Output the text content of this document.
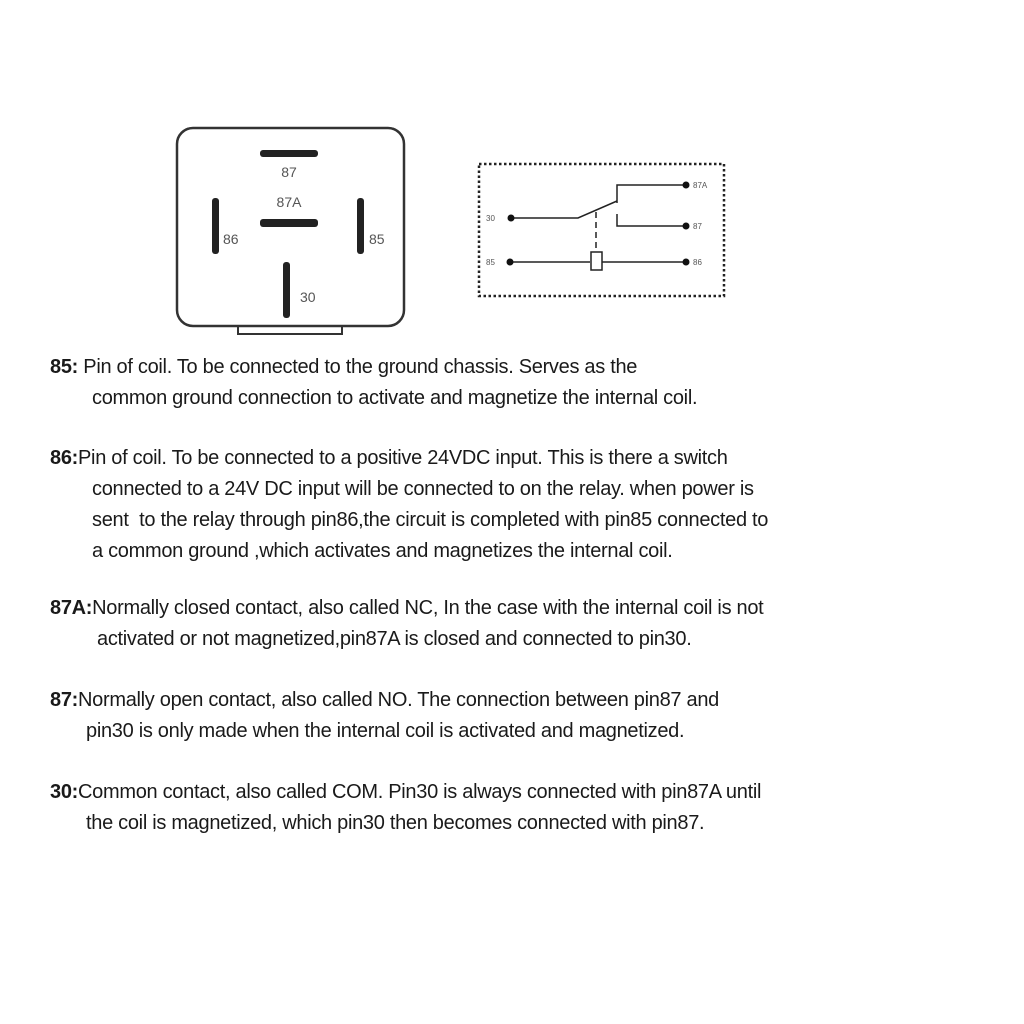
87
87A
86	85
30
30
87A
87
85	86
85: Pin of coil. To be connected to the ground chassis. Serves as the
common ground connection to activate and magnetize the internal coil.
86:Pin of coil. To be connected to a positive 24VDC input. This is there a switch
connected to a 24V DC input will be connected to on the relay. when power is
sent  to the relay through pin86,the circuit is completed with pin85 connected to
a common ground ,which activates and magnetizes the internal coil.
87A:Normally closed contact, also called NC, In the case with the internal coil is not
activated or not magnetized,pin87A is closed and connected to pin30.
87:Normally open contact, also called NO. The connection between pin87 and
pin30 is only made when the internal coil is activated and magnetized.
30:Common contact, also called COM. Pin30 is always connected with pin87A until
the coil is magnetized, which pin30 then becomes connected with pin87.
